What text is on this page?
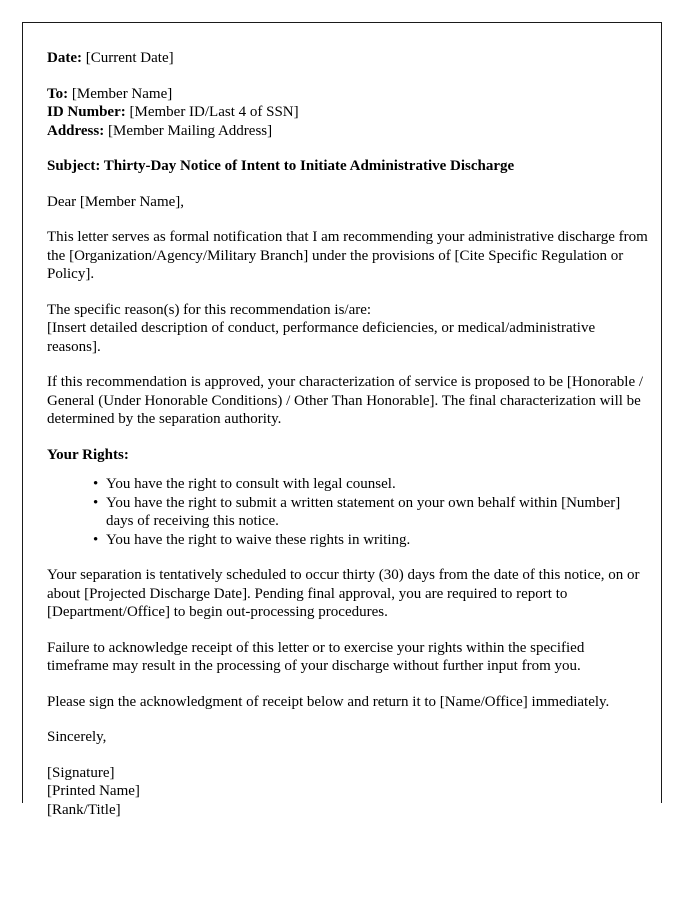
Date: [Current Date]

To: [Member Name]

ID Number: [Member ID/Last 4 of SSN]

Address: [Member Mailing Address]

Subject: Thirty-Day Notice of Intent to Initiate Administrative Discharge

Dear [Member Name],

This letter serves as formal notification that I am recommending your administrative discharge from the [Organization/Agency/Military Branch] under the provisions of [Cite Specific Regulation or Policy].

The specific reason(s) for this recommendation is/are:

[Insert detailed description of conduct, performance deficiencies, or medical/administrative reasons].

If this recommendation is approved, your characterization of service is proposed to be [Honorable / General (Under Honorable Conditions) / Other Than Honorable]. The final characterization will be determined by the separation authority.

Your Rights:

• You have the right to consult with legal counsel.
• You have the right to submit a written statement on your own behalf within [Number] days of receiving this notice.
• You have the right to waive these rights in writing.

Your separation is tentatively scheduled to occur thirty (30) days from the date of this notice, on or about [Projected Discharge Date]. Pending final approval, you are required to report to [Department/Office] to begin out-processing procedures.

Failure to acknowledge receipt of this letter or to exercise your rights within the specified timeframe may result in the processing of your discharge without further input from you.

Please sign the acknowledgment of receipt below and return it to [Name/Office] immediately.

Sincerely,

[Signature]

[Printed Name]

[Rank/Title]
